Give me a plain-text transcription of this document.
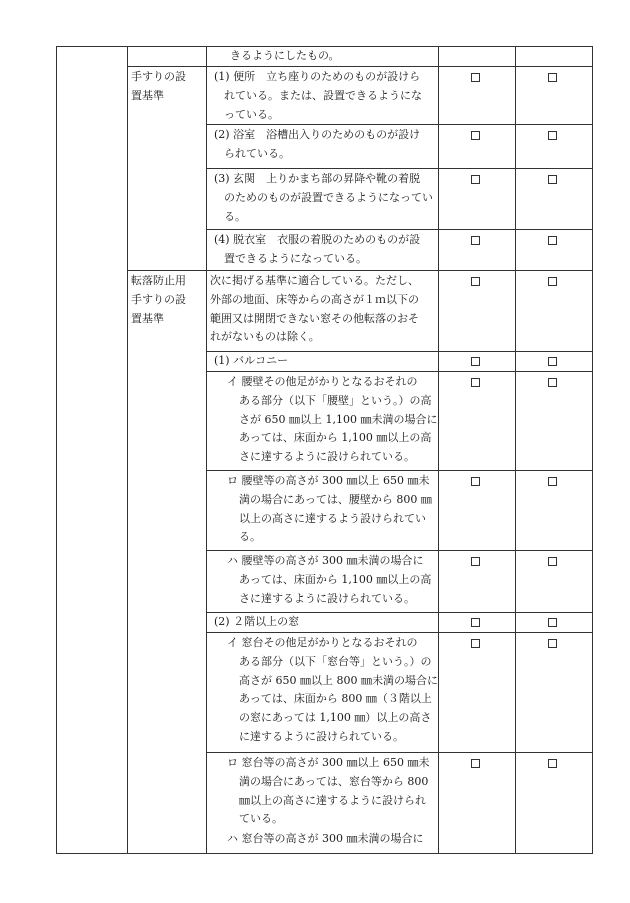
手すりの設
置基準
転落防止用
手すりの設
置基準
きるようにしたもの。
(1) 便所　立ち座りのためのものが設けら
れている。または、設置できるようにな
っている。
(2) 浴室　浴槽出入りのためのものが設け
られている。
(3) 玄関　上りかまち部の昇降や靴の着脱
のためのものが設置できるようになってい
る。
(4) 脱衣室　衣服の着脱のためのものが設
置できるようになっている。
次に掲げる基準に適合している。ただし、
外部の地面、床等からの高さが１ｍ以下の
範囲又は開閉できない窓その他転落のおそ
れがないものは除く。
(1) バルコニー
イ 腰壁その他足がかりとなるおそれの
ある部分（以下「腰壁」という。）の高
さが 650 ㎜以上 1,100 ㎜未満の場合に
あっては、床面から 1,100 ㎜以上の高
さに達するように設けられている。
ロ 腰壁等の高さが 300 ㎜以上 650 ㎜未
満の場合にあっては、腰壁から 800 ㎜
以上の高さに達するよう設けられてい
る。
ハ 腰壁等の高さが 300 ㎜未満の場合に
あっては、床面から 1,100 ㎜以上の高
さに達するように設けられている。
(2) ２階以上の窓
イ 窓台その他足がかりとなるおそれの
ある部分（以下「窓台等」という。）の
高さが 650 ㎜以上 800 ㎜未満の場合に
あっては、床面から 800 ㎜（３階以上
の窓にあっては 1,100 ㎜）以上の高さ
に達するように設けられている。
ロ 窓台等の高さが 300 ㎜以上 650 ㎜未
満の場合にあっては、窓台等から 800
㎜以上の高さに達するように設けられ
ている。
ハ 窓台等の高さが 300 ㎜未満の場合に
